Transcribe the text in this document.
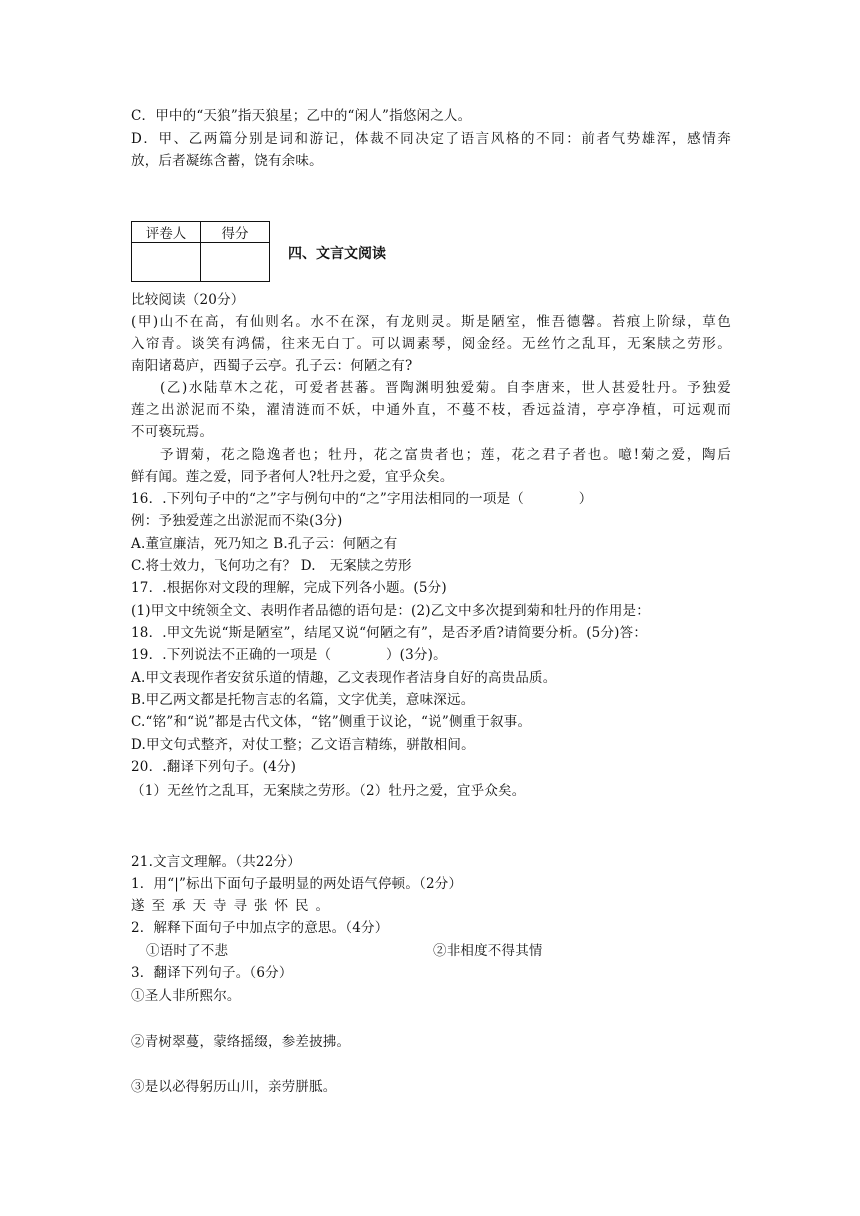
C．甲中的“天狼”指天狼星；乙中的“闲人”指悠闲之人。
D．甲、乙两篇分别是词和游记，体裁不同决定了语言风格的不同：前者气势雄浑，感情奔
放，后者凝练含蓄，饶有余味。
评卷人	得分

四、文言文阅读
比较阅读（20分）
(甲)山不在高，有仙则名。水不在深，有龙则灵。斯是陋室，惟吾德馨。苔痕上阶绿，草色
入帘青。谈笑有鸿儒，往来无白丁。可以调素琴，阅金经。无丝竹之乱耳，无案牍之劳形。
南阳诸葛庐，西蜀子云亭。孔子云：何陋之有?
(乙)水陆草木之花，可爱者甚蕃。晋陶渊明独爱菊。自李唐来，世人甚爱牡丹。予独爱
莲之出淤泥而不染，濯清涟而不妖，中通外直，不蔓不枝，香远益清，亭亭净植，可远观而
不可亵玩焉。
予谓菊，花之隐逸者也；牡丹，花之富贵者也；莲，花之君子者也。噫!菊之爱，陶后
鲜有闻。莲之爱，同予者何人?牡丹之爱，宜乎众矣。
16．.下列句子中的“之”字与例句中的“之”字用法相同的一项是（　　　　）
例：予独爱莲之出淤泥而不染(3分)
A.董宣廉洁，死乃知之 B.孔子云：何陋之有
C.将士效力，飞何功之有？ D.　无案牍之劳形
17．.根据你对文段的理解，完成下列各小题。(5分)
(1)甲文中统领全文、表明作者品德的语句是：(2)乙文中多次提到菊和牡丹的作用是：
18．.甲文先说“斯是陋室”，结尾又说“何陋之有”，是否矛盾?请简要分析。(5分)答：
19．.下列说法不正确的一项是（　　　　）(3分)。
A.甲文表现作者安贫乐道的情趣，乙文表现作者洁身自好的高贵品质。
B.甲乙两文都是托物言志的名篇，文字优美，意味深远。
C.“铭”和“说”都是古代文体，“铭”侧重于议论，“说”侧重于叙事。
D.甲文句式整齐，对仗工整；乙文语言精练，骈散相间。
20．.翻译下列句子。(4分)
（1）无丝竹之乱耳，无案牍之劳形。（2）牡丹之爱，宜乎众矣。
21.文言文理解。（共22分）
1．用“|”标出下面句子最明显的两处语气停顿。（2分）
遂至承天寺寻张怀民。
2．解释下面句子中加点字的意思。（4分）
①语时了不悲	②非相度不得其情
3．翻译下列句子。（6分）
①圣人非所熙尔。
②青树翠蔓，蒙络摇缀，参差披拂。
③是以必得躬历山川，亲劳胼胝。
